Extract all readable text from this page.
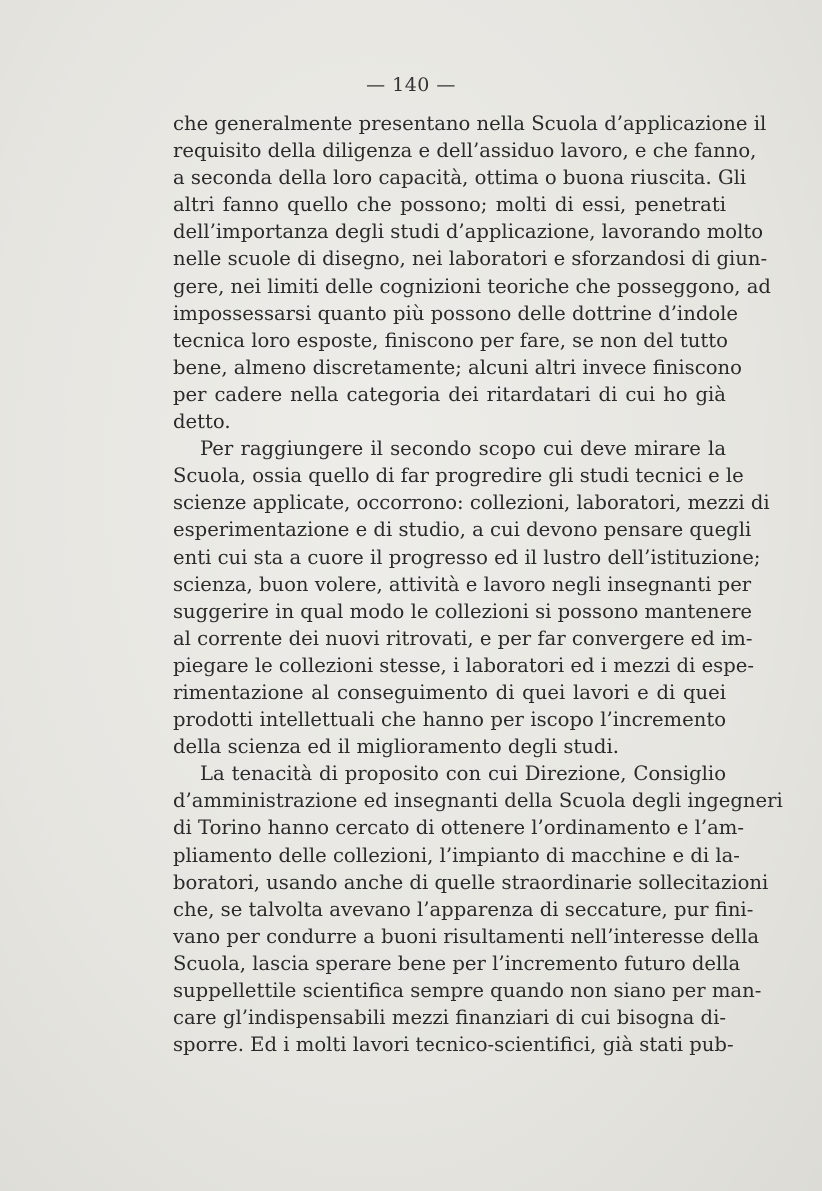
— 140 —
che generalmente presentano nella Scuola d’applicazione il
requisito della diligenza e dell’assiduo lavoro, e che fanno,
a seconda della loro capacità, ottima o buona riuscita. Gli
altri fanno quello che possono; molti di essi, penetrati
dell’importanza degli studi d’applicazione, lavorando molto
nelle scuole di disegno, nei laboratori e sforzandosi di giun-
gere, nei limiti delle cognizioni teoriche che posseggono, ad
impossessarsi quanto più possono delle dottrine d’indole
tecnica loro esposte, finiscono per fare, se non del tutto
bene, almeno discretamente; alcuni altri invece finiscono
per cadere nella categoria dei ritardatari di cui ho già
detto.
Per raggiungere il secondo scopo cui deve mirare la
Scuola, ossia quello di far progredire gli studi tecnici e le
scienze applicate, occorrono: collezioni, laboratori, mezzi di
esperimentazione e di studio, a cui devono pensare quegli
enti cui sta a cuore il progresso ed il lustro dell’istituzione;
scienza, buon volere, attività e lavoro negli insegnanti per
suggerire in qual modo le collezioni si possono mantenere
al corrente dei nuovi ritrovati, e per far convergere ed im-
piegare le collezioni stesse, i laboratori ed i mezzi di espe-
rimentazione al conseguimento di quei lavori e di quei
prodotti intellettuali che hanno per iscopo l’incremento
della scienza ed il miglioramento degli studi.
La tenacità di proposito con cui Direzione, Consiglio
d’amministrazione ed insegnanti della Scuola degli ingegneri
di Torino hanno cercato di ottenere l’ordinamento e l’am-
pliamento delle collezioni, l’impianto di macchine e di la-
boratori, usando anche di quelle straordinarie sollecitazioni
che, se talvolta avevano l’apparenza di seccature, pur fini-
vano per condurre a buoni risultamenti nell’interesse della
Scuola, lascia sperare bene per l’incremento futuro della
suppellettile scientifica sempre quando non siano per man-
care gl’indispensabili mezzi finanziari di cui bisogna di-
sporre. Ed i molti lavori tecnico-scientifici, già stati pub-
